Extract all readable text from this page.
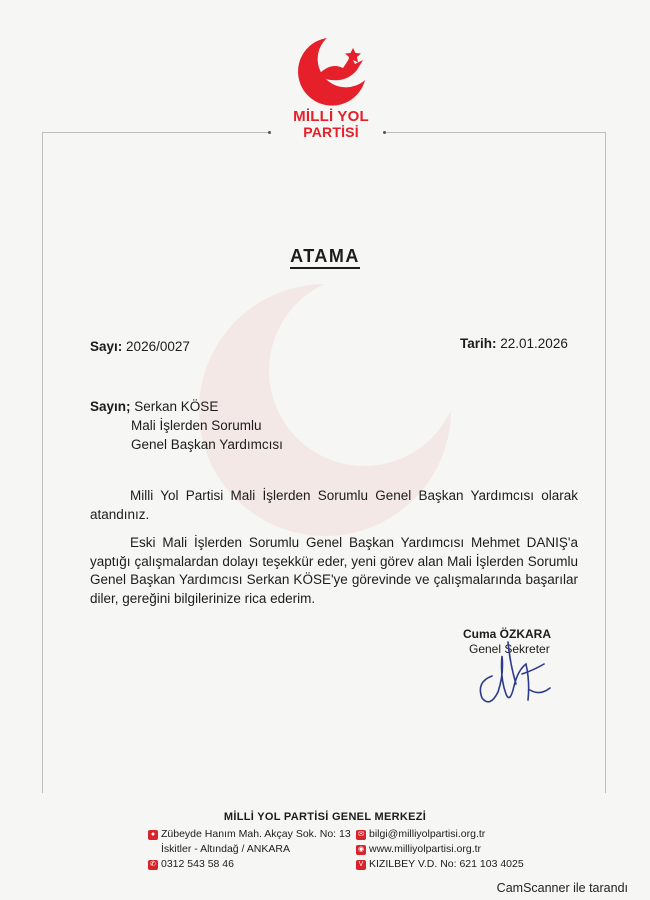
MİLLİ YOL
PARTİSİ
ATAMA
Sayı: 2026/0027	Tarih: 22.01.2026
Sayın; Serkan KÖSE
Mali İşlerden Sorumlu
Genel Başkan Yardımcısı

Milli Yol Partisi Mali İşlerden Sorumlu Genel Başkan Yardımcısı olarak atandınız.

Eski Mali İşlerden Sorumlu Genel Başkan Yardımcısı Mehmet DANIŞ'a yaptığı çalışmalardan dolayı teşekkür eder, yeni görev alan Mali İşlerden Sorumlu Genel Başkan Yardımcısı Serkan KÖSE'ye görevinde ve çalışmalarında başarılar diler, gereğini bilgilerinize rica ederim.

Cuma ÖZKARA
Genel Sekreter
MİLLİ YOL PARTİSİ GENEL MERKEZİ
● Zübeyde Hanım Mah. Akçay Sok. No: 13
İskitler - Altındağ / ANKARA
✆ 0312 543 58 46
✉ bilgi@milliyolpartisi.org.tr
◉ www.milliyolpartisi.org.tr
V KIZILBEY V.D. No: 621 103 4025
CamScanner ile tarandı
